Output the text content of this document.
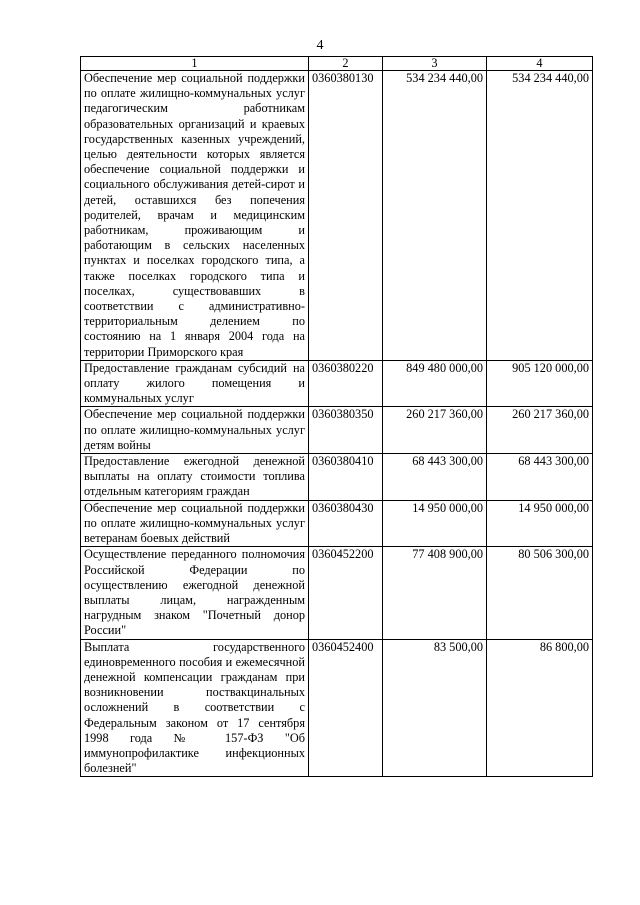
4
1	2	3	4
Обеспечение мер социальной поддержки по оплате жилищно-коммунальных услуг педагогическим работникам образовательных организаций и краевых государственных казенных учреждений, целью деятельности которых является обеспечение социальной поддержки и социального обслуживания детей-сирот и детей, оставшихся без попечения родителей, врачам и медицинским работникам, проживающим и работающим в сельских населенных пунктах и поселках городского типа, а также поселках городского типа и поселках, существовавших в соответствии с административно-территориальным делением по состоянию на 1 января 2004 года на территории Приморского края	0360380130	534 234 440,00	534 234 440,00
Предоставление гражданам субсидий на оплату жилого помещения и коммунальных услуг	0360380220	849 480 000,00	905 120 000,00
Обеспечение мер социальной поддержки по оплате жилищно-коммунальных услуг детям войны	0360380350	260 217 360,00	260 217 360,00
Предоставление ежегодной денежной выплаты на оплату стоимости топлива отдельным категориям граждан	0360380410	68 443 300,00	68 443 300,00
Обеспечение мер социальной поддержки по оплате жилищно-коммунальных услуг ветеранам боевых действий	0360380430	14 950 000,00	14 950 000,00
Осуществление переданного полномочия Российской Федерации по осуществлению ежегодной денежной выплаты лицам, награжденным нагрудным знаком "Почетный донор России"	0360452200	77 408 900,00	80 506 300,00
Выплата государственного единовременного пособия и ежемесячной денежной компенсации гражданам при возникновении поствакцинальных осложнений в соответствии с Федеральным законом от 17 сентября 1998 года № 157-ФЗ "Об иммунопрофилактике инфекционных болезней"	0360452400	83 500,00	86 800,00
